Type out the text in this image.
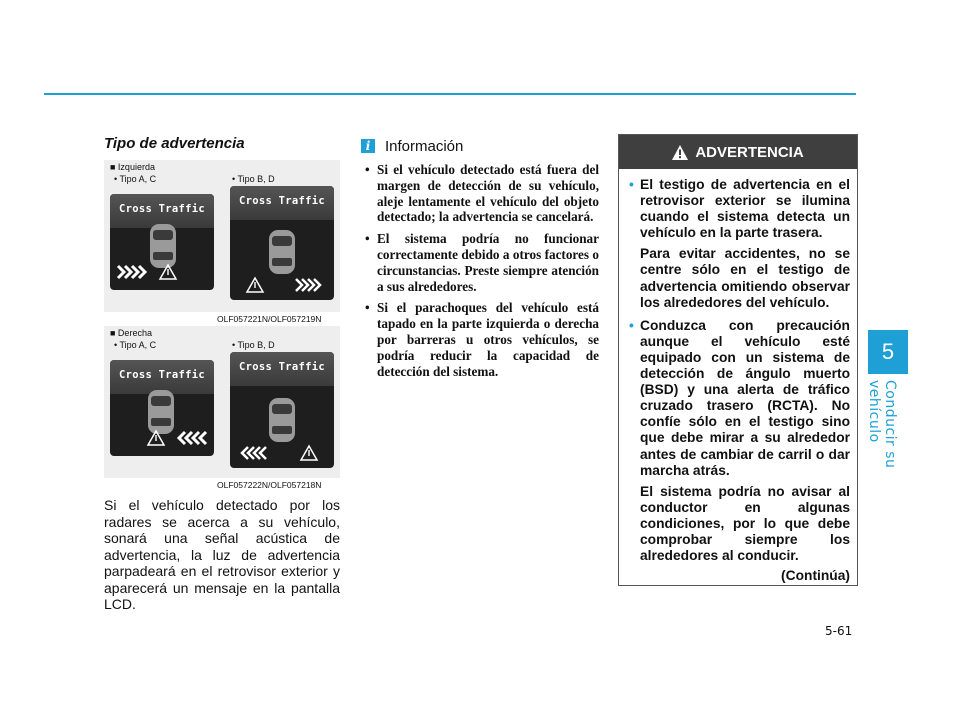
5
Conducir su vehículo
Tipo de advertencia
■ Izquierda
• Tipo A, C	• Tipo B, D
Cross Traffic
Cross Traffic
OLF057221N/OLF057219N
■ Derecha
• Tipo A, C	• Tipo B, D
Cross Traffic
Cross Traffic
OLF057222N/OLF057218N
Si el vehículo detectado por los radares se acerca a su vehículo, sonará una señal acústica de advertencia, la luz de advertencia parpadeará en el retrovisor exterior y aparecerá un mensaje en la pantalla LCD.
i Información
• Si el vehículo detectado está fuera del margen de detección de su vehículo, aleje lentamente el vehículo del objeto detectado; la advertencia se cancelará.
• El sistema podría no funcionar correctamente debido a otros factores o circunstancias. Preste siempre atención a sus alrededores.
• Si el parachoques del vehículo está tapado en la parte izquierda o derecha por barreras u otros vehículos, se podría reducir la capacidad de detección del sistema.
ADVERTENCIA
• El testigo de advertencia en el retrovisor exterior se ilumina cuando el sistema detecta un vehículo en la parte trasera.
Para evitar accidentes, no se centre sólo en el testigo de advertencia omitiendo observar los alrededores del vehículo.
• Conduzca con precaución aunque el vehículo esté equipado con un sistema de detección de ángulo muerto (BSD) y una alerta de tráfico cruzado trasero (RCTA). No confíe sólo en el testigo sino que debe mirar a su alrededor antes de cambiar de carril o dar marcha atrás.
El sistema podría no avisar al conductor en algunas condiciones, por lo que debe comprobar siempre los alrededores al conducir.
(Continúa)
5-61
